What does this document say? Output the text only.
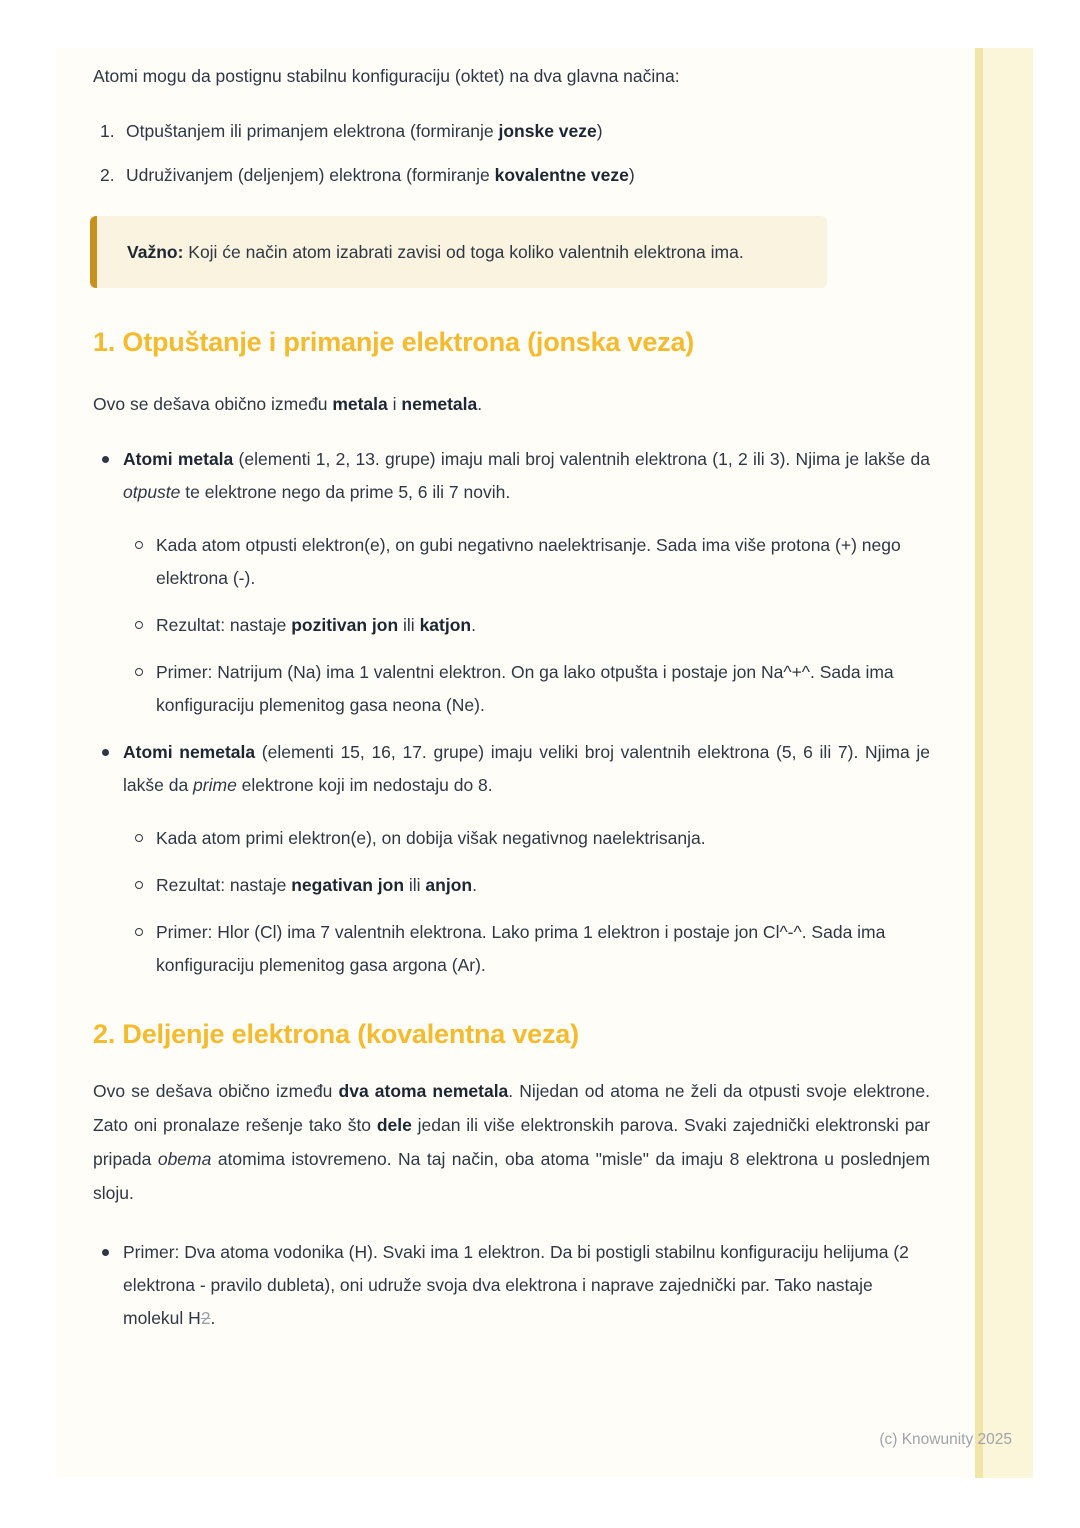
Atomi mogu da postignu stabilnu konfiguraciju (oktet) na dva glavna načina:
1. Otpuštanjem ili primanjem elektrona (formiranje jonske veze)
2. Udruživanjem (deljenjem) elektrona (formiranje kovalentne veze)
Važno: Koji će način atom izabrati zavisi od toga koliko valentnih elektrona ima.
1. Otpuštanje i primanje elektrona (jonska veza)
Ovo se dešava obično između metala i nemetala.
Atomi metala (elementi 1, 2, 13. grupe) imaju mali broj valentnih elektrona (1, 2 ili 3). Njima je lakše da otpuste te elektrone nego da prime 5, 6 ili 7 novih.
Kada atom otpusti elektron(e), on gubi negativno naelektrisanje. Sada ima više protona (+) nego elektrona (-).
Rezultat: nastaje pozitivan jon ili katjon.
Primer: Natrijum (Na) ima 1 valentni elektron. On ga lako otpušta i postaje jon Na^+^. Sada ima konfiguraciju plemenitog gasa neona (Ne).
Atomi nemetala (elementi 15, 16, 17. grupe) imaju veliki broj valentnih elektrona (5, 6 ili 7). Njima je lakše da prime elektrone koji im nedostaju do 8.
Kada atom primi elektron(e), on dobija višak negativnog naelektrisanja.
Rezultat: nastaje negativan jon ili anjon.
Primer: Hlor (Cl) ima 7 valentnih elektrona. Lako prima 1 elektron i postaje jon Cl^-^. Sada ima konfiguraciju plemenitog gasa argona (Ar).
2. Deljenje elektrona (kovalentna veza)
Ovo se dešava obično između dva atoma nemetala. Nijedan od atoma ne želi da otpusti svoje elektrone. Zato oni pronalaze rešenje tako što dele jedan ili više elektronskih parova. Svaki zajednički elektronski par pripada obema atomima istovremeno. Na taj način, oba atoma "misle" da imaju 8 elektrona u poslednjem sloju.
Primer: Dva atoma vodonika (H). Svaki ima 1 elektron. Da bi postigli stabilnu konfiguraciju helijuma (2 elektrona - pravilo dubleta), oni udruže svoja dva elektrona i naprave zajednički par. Tako nastaje molekul H2.
(c) Knowunity 2025
